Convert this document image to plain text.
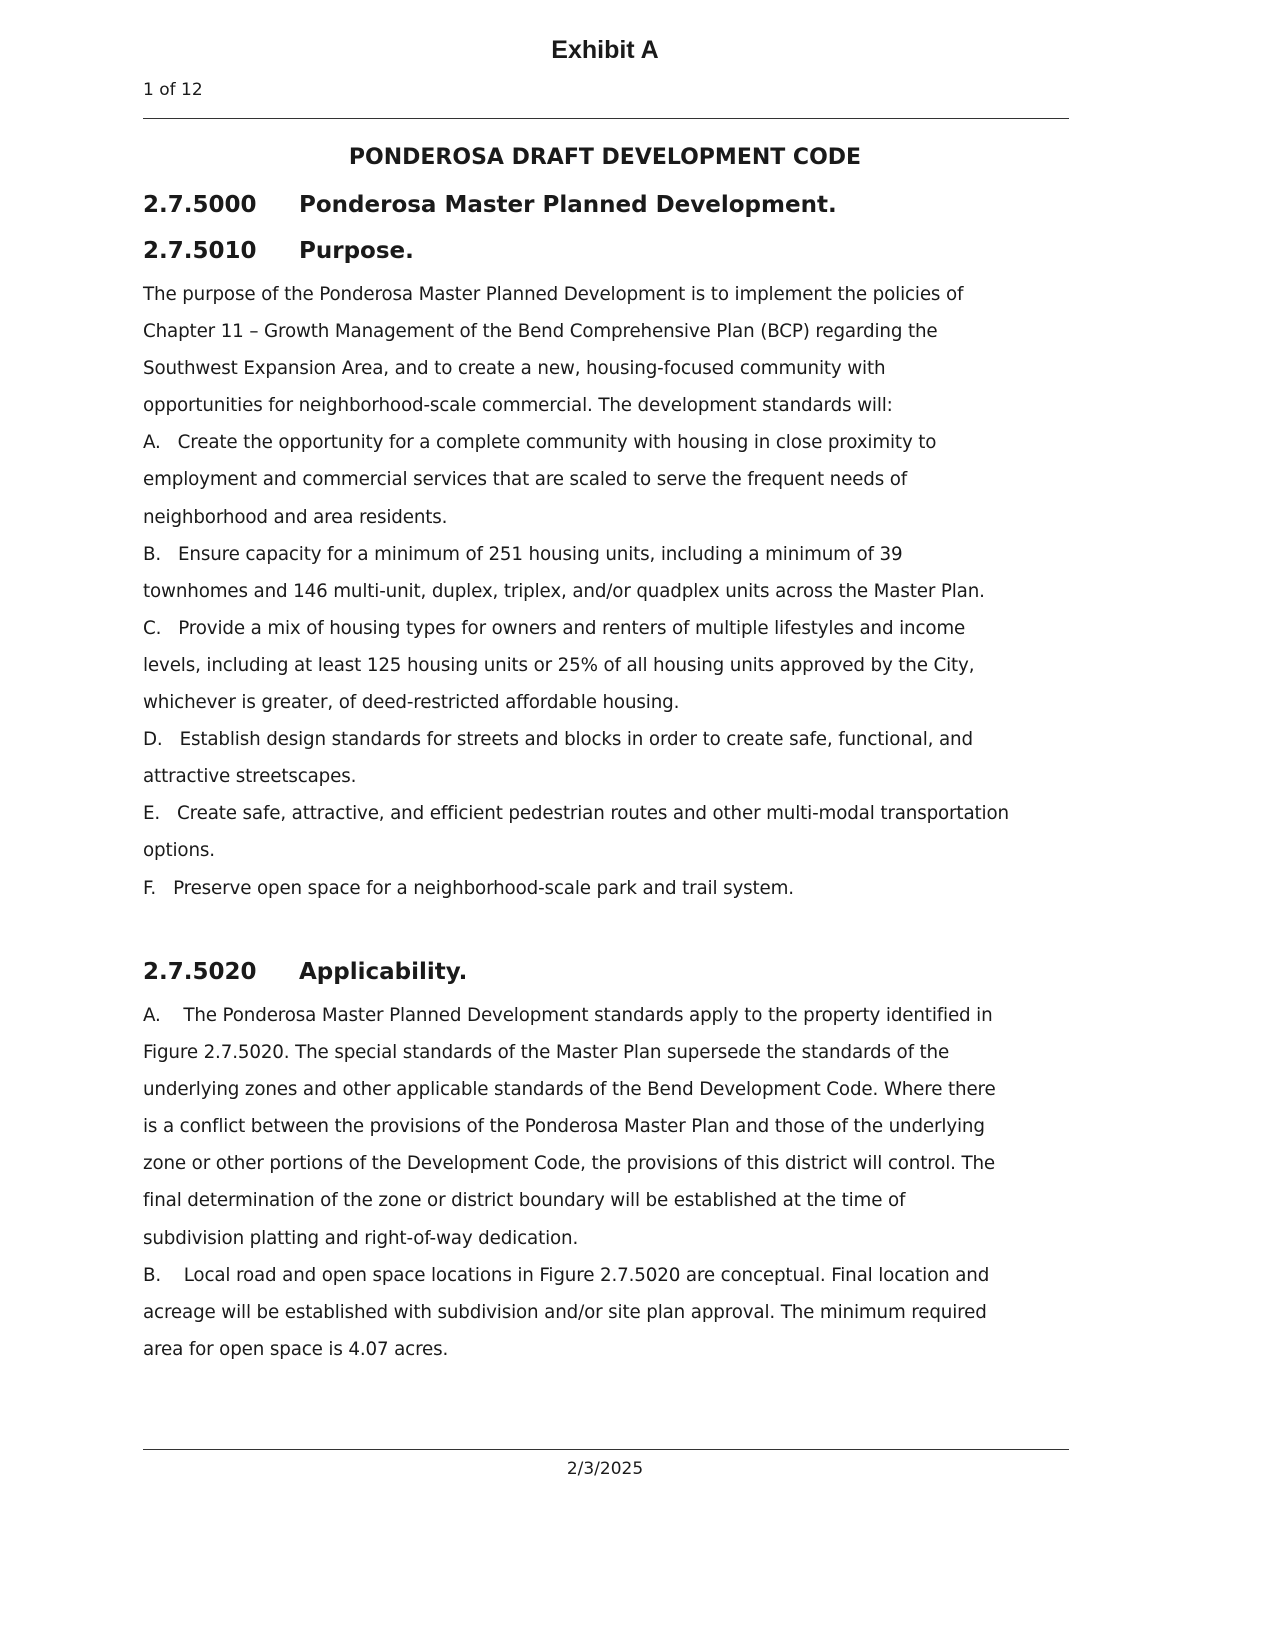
Exhibit A
1 of 12
PONDEROSA DRAFT DEVELOPMENT CODE
2.7.5000 Ponderosa Master Planned Development.
2.7.5010 Purpose.
The purpose of the Ponderosa Master Planned Development is to implement the policies of
Chapter 11 – Growth Management of the Bend Comprehensive Plan (BCP) regarding the
Southwest Expansion Area, and to create a new, housing-focused community with
opportunities for neighborhood-scale commercial. The development standards will:
A.   Create the opportunity for a complete community with housing in close proximity to
employment and commercial services that are scaled to serve the frequent needs of
neighborhood and area residents.
B.   Ensure capacity for a minimum of 251 housing units, including a minimum of 39
townhomes and 146 multi-unit, duplex, triplex, and/or quadplex units across the Master Plan.
C.   Provide a mix of housing types for owners and renters of multiple lifestyles and income
levels, including at least 125 housing units or 25% of all housing units approved by the City,
whichever is greater, of deed-restricted affordable housing.
D.   Establish design standards for streets and blocks in order to create safe, functional, and
attractive streetscapes.
E.   Create safe, attractive, and efficient pedestrian routes and other multi-modal transportation
options.
F.   Preserve open space for a neighborhood-scale park and trail system.
2.7.5020 Applicability.
A.    The Ponderosa Master Planned Development standards apply to the property identified in
Figure 2.7.5020. The special standards of the Master Plan supersede the standards of the
underlying zones and other applicable standards of the Bend Development Code. Where there
is a conflict between the provisions of the Ponderosa Master Plan and those of the underlying
zone or other portions of the Development Code, the provisions of this district will control. The
final determination of the zone or district boundary will be established at the time of
subdivision platting and right-of-way dedication.
B.    Local road and open space locations in Figure 2.7.5020 are conceptual. Final location and
acreage will be established with subdivision and/or site plan approval. The minimum required
area for open space is 4.07 acres.
2/3/2025
